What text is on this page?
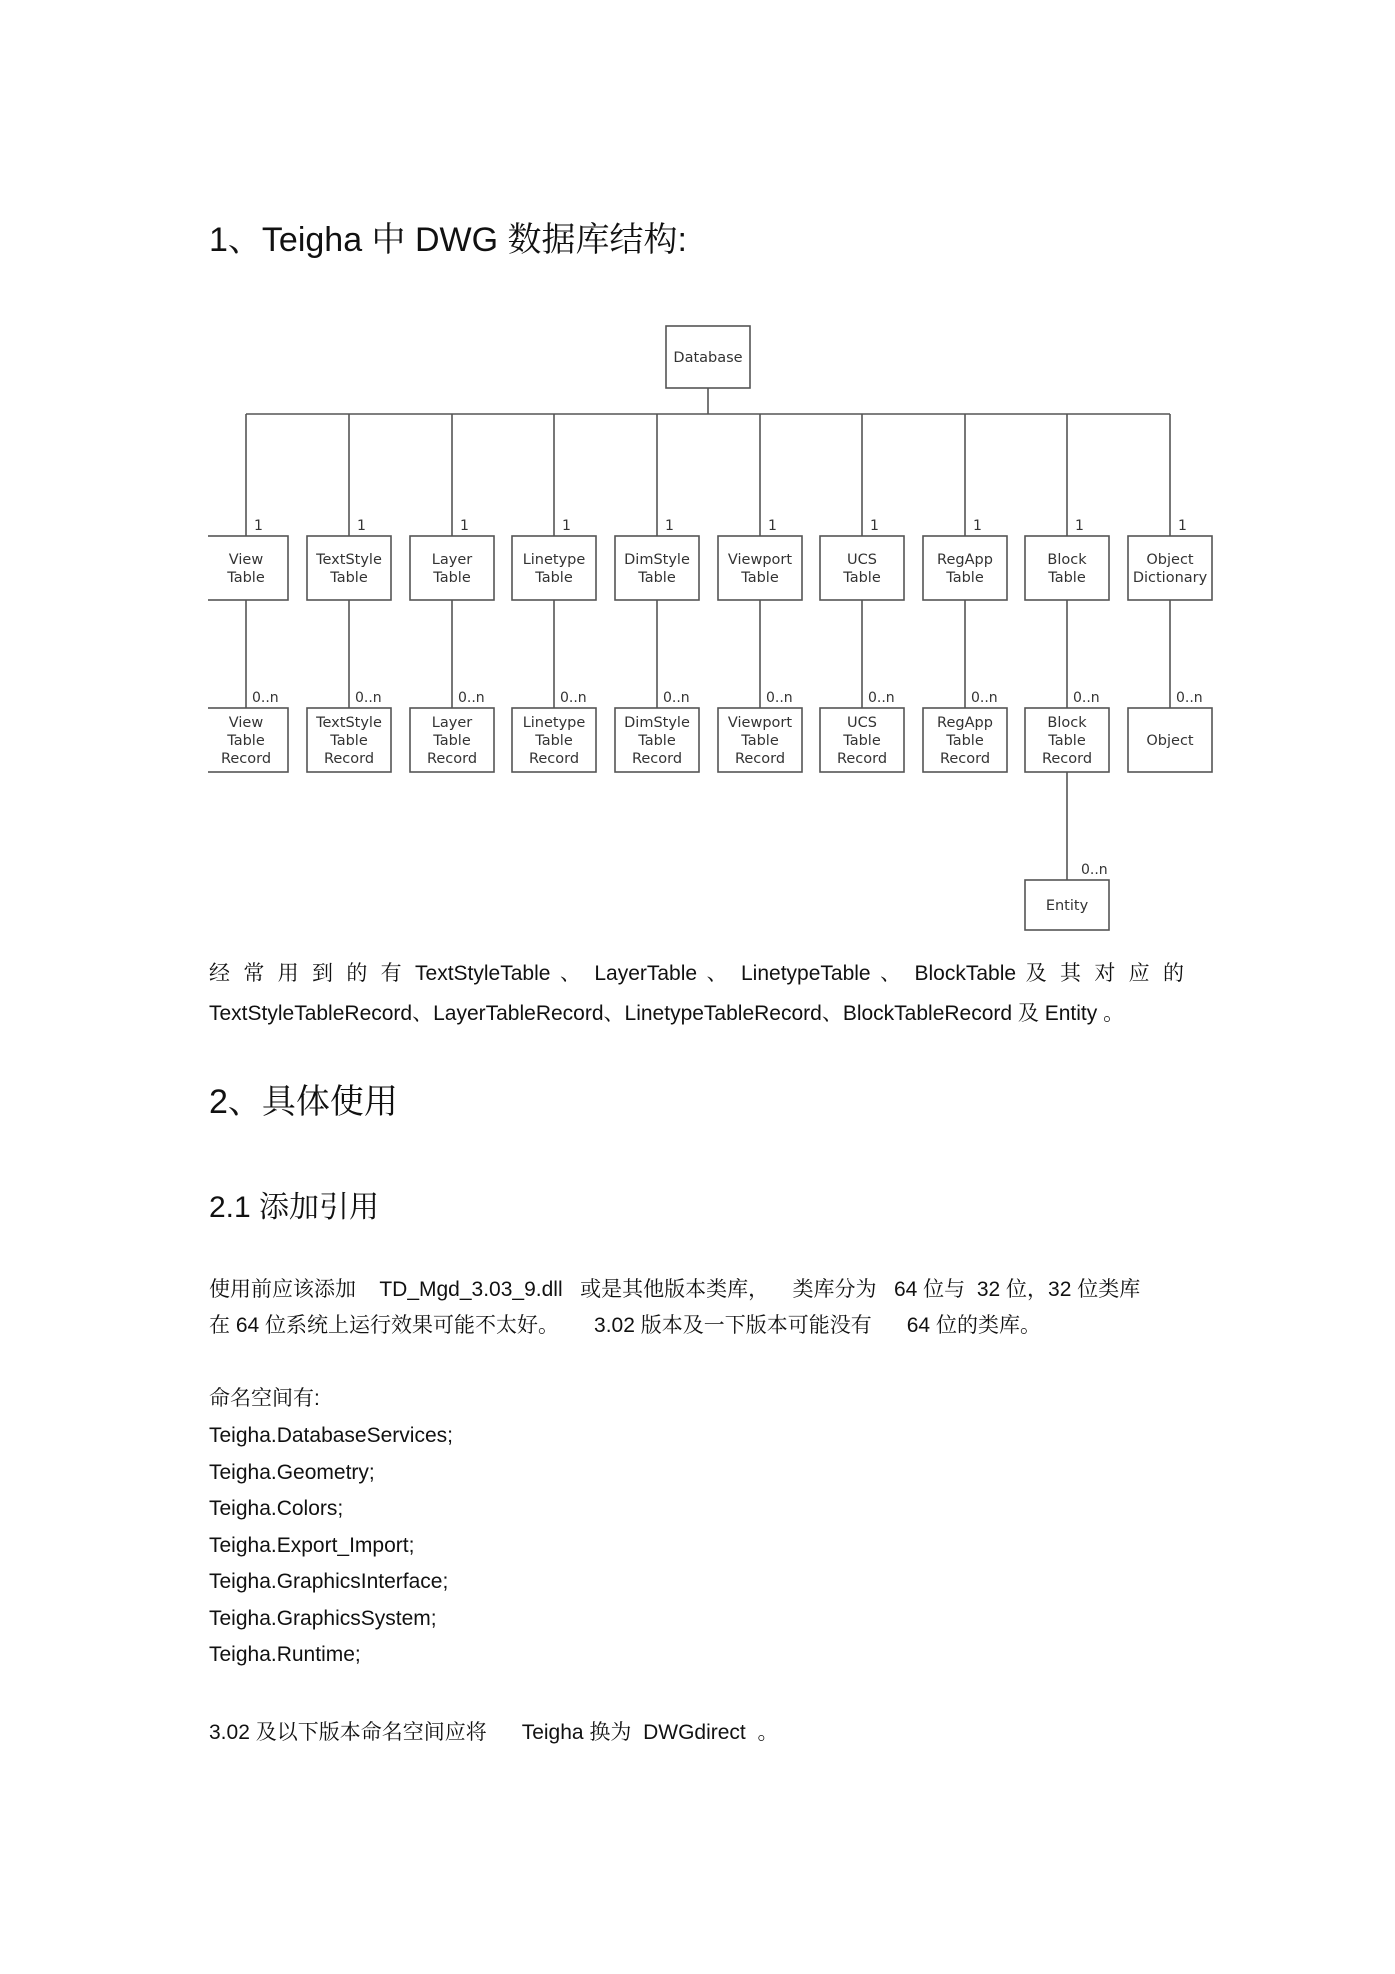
1、Teigha 中 DWG 数据库结构:
Database
1
View
Table
0..n
View
Table
Record
1
TextStyle
Table
0..n
TextStyle
Table
Record
1
Layer
Table
0..n
Layer
Table
Record
1
Linetype
Table
0..n
Linetype
Table
Record
1
DimStyle
Table
0..n
DimStyle
Table
Record
1
Viewport
Table
0..n
Viewport
Table
Record
1
UCS
Table
0..n
UCS
Table
Record
1
RegApp
Table
0..n
RegApp
Table
Record
1
Block
Table
0..n
Block
Table
Record
1
Object
Dictionary
0..n
Object
0..n
Entity
经 常 用 到 的 有 TextStyleTable 、 LayerTable 、 LinetypeTable 、 BlockTable 及 其 对 应 的
TextStyleTableRecord、LayerTableRecord、LinetypeTableRecord、BlockTableRecord 及 Entity 。
2、具体使用
2.1 添加引用
使用前应该添加    TD_Mgd_3.03_9.dll   或是其他版本类库，    类库分为   64 位与  32 位，32 位类库
在 64 位系统上运行效果可能不太好。      3.02 版本及一下版本可能没有      64 位的类库。
命名空间有:
Teigha.DatabaseServices;
Teigha.Geometry;
Teigha.Colors;
Teigha.Export_Import;
Teigha.GraphicsInterface;
Teigha.GraphicsSystem;
Teigha.Runtime;
3.02 及以下版本命名空间应将      Teigha 换为  DWGdirect  。
